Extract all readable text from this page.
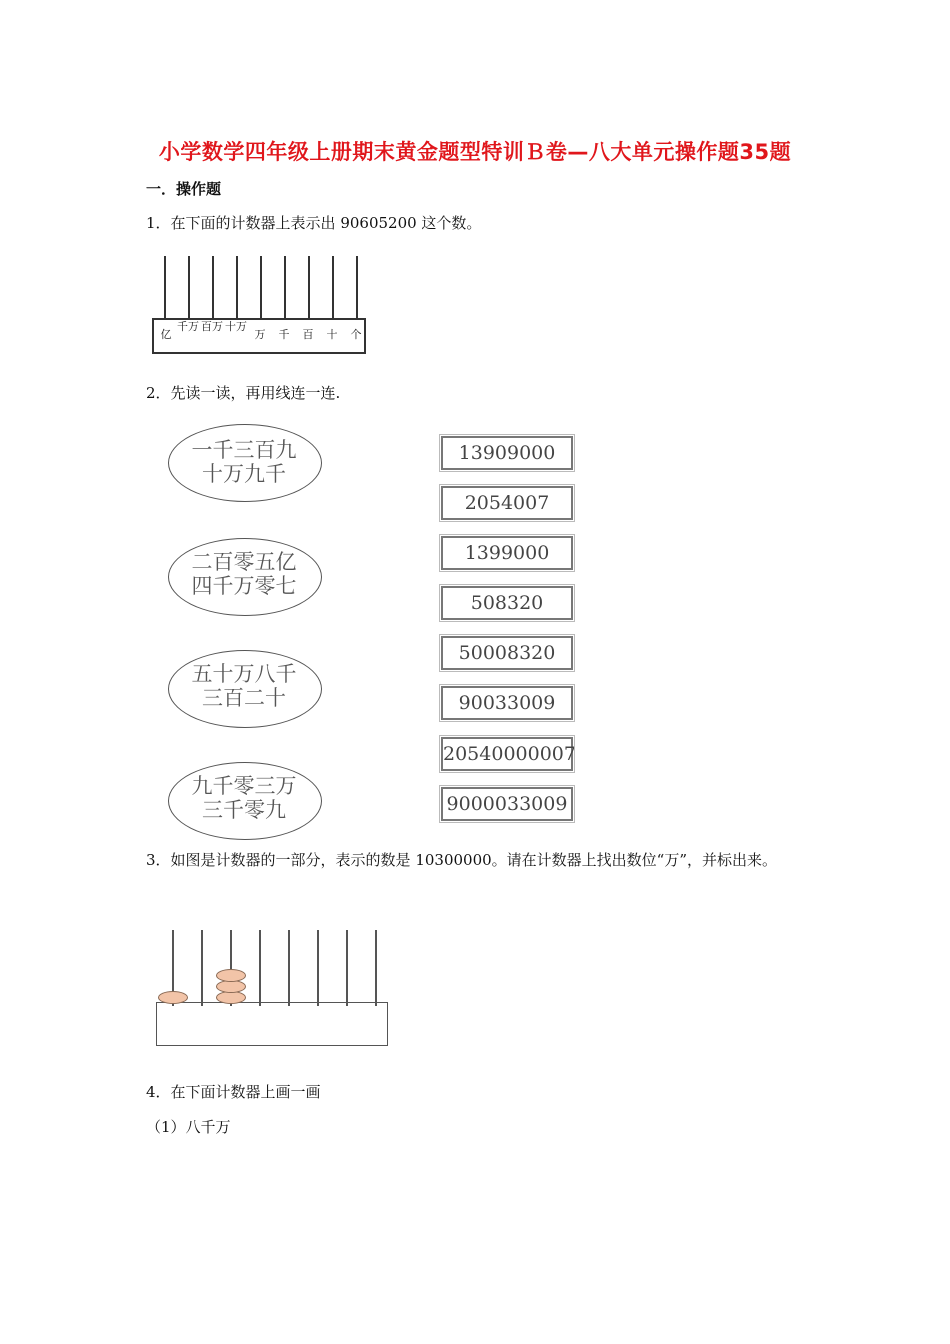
小学数学四年级上册期末黄金题型特训Ｂ卷—八大单元操作题35题
一．操作题
1．在下面的计数器上表示出 90605200 这个数。
亿
千万 百万 十万
万	千	百	十	个
2．先读一读，再用线连一连.
一千三百九
十万九千
二百零五亿
四千万零七
五十万八千
三百二十
九千零三万
三千零九
13909000
2054007
1399000
508320
50008320
90033009
20540000007
9000033009
3．如图是计数器的一部分，表示的数是 10300000。请在计数器上找出数位“万”，并标出来。
4．在下面计数器上画一画
（1）八千万
